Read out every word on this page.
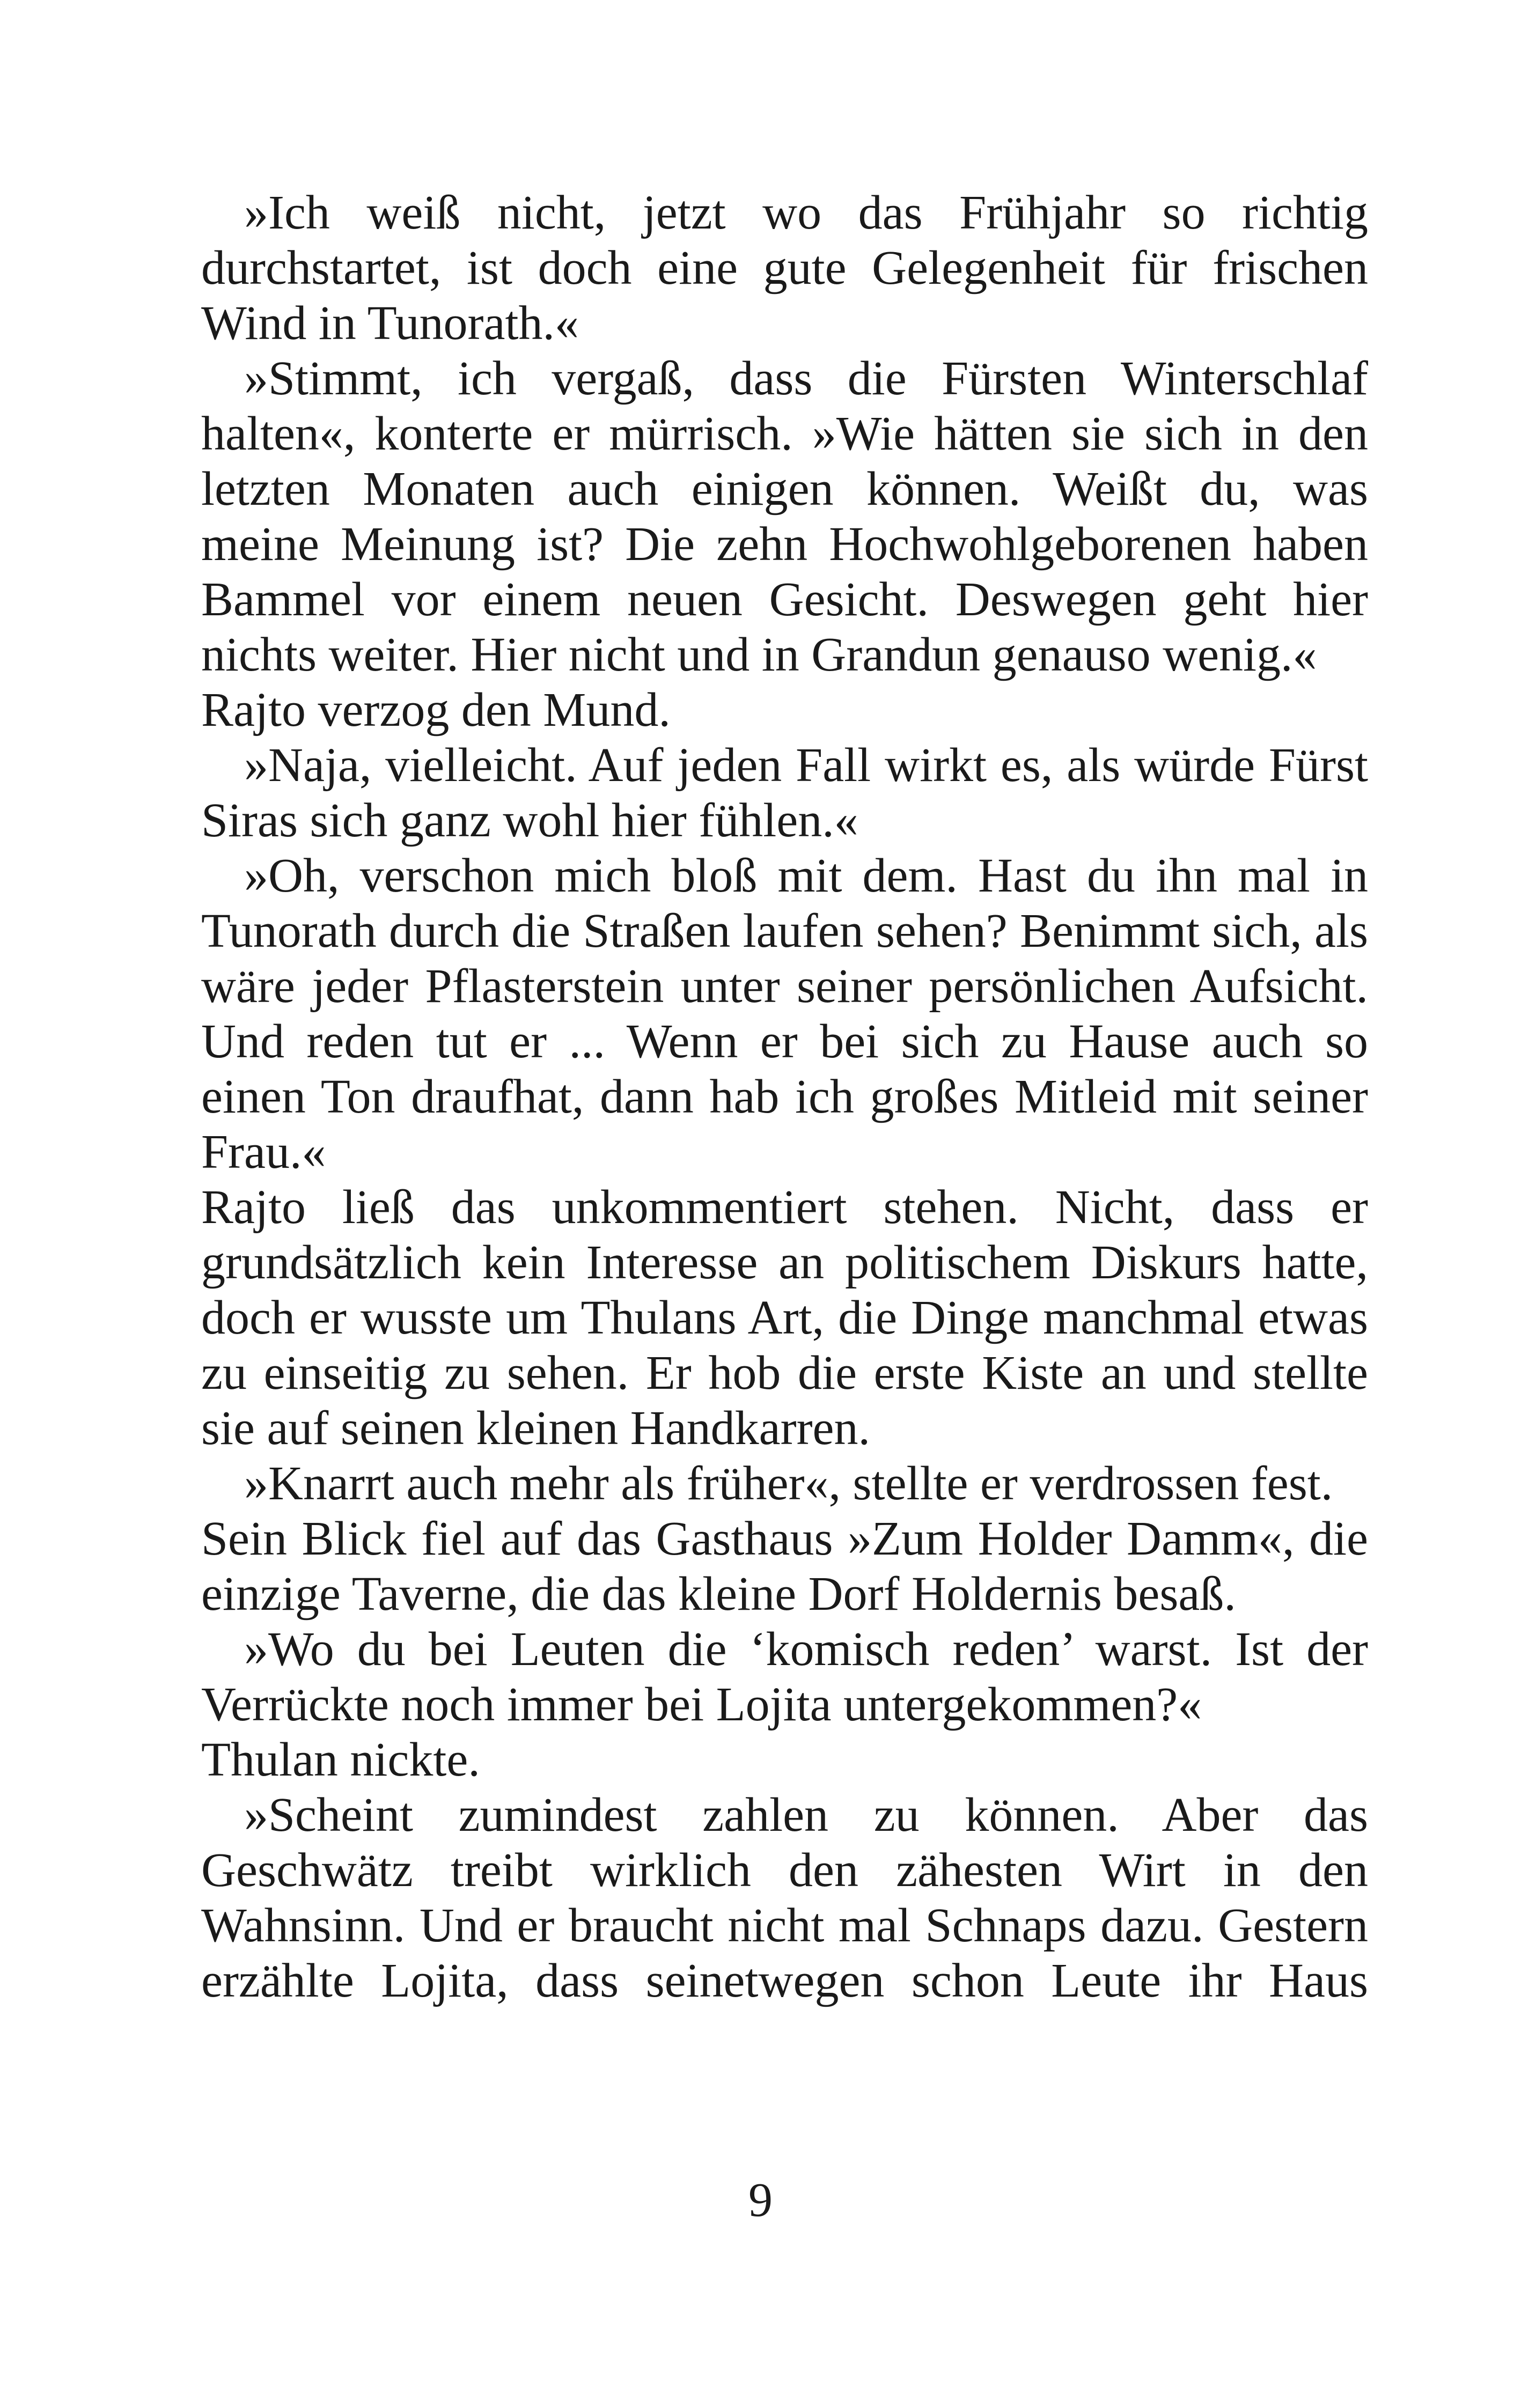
»Ich weiß nicht, jetzt wo das Frühjahr so richtig
durchstartet, ist doch eine gute Gelegenheit für frischen
Wind in Tunorath.«
»Stimmt, ich vergaß, dass die Fürsten Winterschlaf
halten«, konterte er mürrisch. »Wie hätten sie sich in den
letzten Monaten auch einigen können. Weißt du, was
meine Meinung ist? Die zehn Hochwohlgeborenen haben
Bammel vor einem neuen Gesicht. Deswegen geht hier
nichts weiter. Hier nicht und in Grandun genauso wenig.«
Rajto verzog den Mund.
»Naja, vielleicht. Auf jeden Fall wirkt es, als würde Fürst
Siras sich ganz wohl hier fühlen.«
»Oh, verschon mich bloß mit dem. Hast du ihn mal in
Tunorath durch die Straßen laufen sehen? Benimmt sich, als
wäre jeder Pflasterstein unter seiner persönlichen Aufsicht.
Und reden tut er ... Wenn er bei sich zu Hause auch so
einen Ton draufhat, dann hab ich großes Mitleid mit seiner
Frau.«
Rajto ließ das unkommentiert stehen. Nicht, dass er
grundsätzlich kein Interesse an politischem Diskurs hatte,
doch er wusste um Thulans Art, die Dinge manchmal etwas
zu einseitig zu sehen. Er hob die erste Kiste an und stellte
sie auf seinen kleinen Handkarren.
»Knarrt auch mehr als früher«, stellte er verdrossen fest.
Sein Blick fiel auf das Gasthaus »Zum Holder Damm«, die
einzige Taverne, die das kleine Dorf Holdernis besaß.
»Wo du bei Leuten die ‘komisch reden’ warst. Ist der
Verrückte noch immer bei Lojita untergekommen?«
Thulan nickte.
»Scheint zumindest zahlen zu können. Aber das
Geschwätz treibt wirklich den zähesten Wirt in den
Wahnsinn. Und er braucht nicht mal Schnaps dazu. Gestern
erzählte Lojita, dass seinetwegen schon Leute ihr Haus
9
